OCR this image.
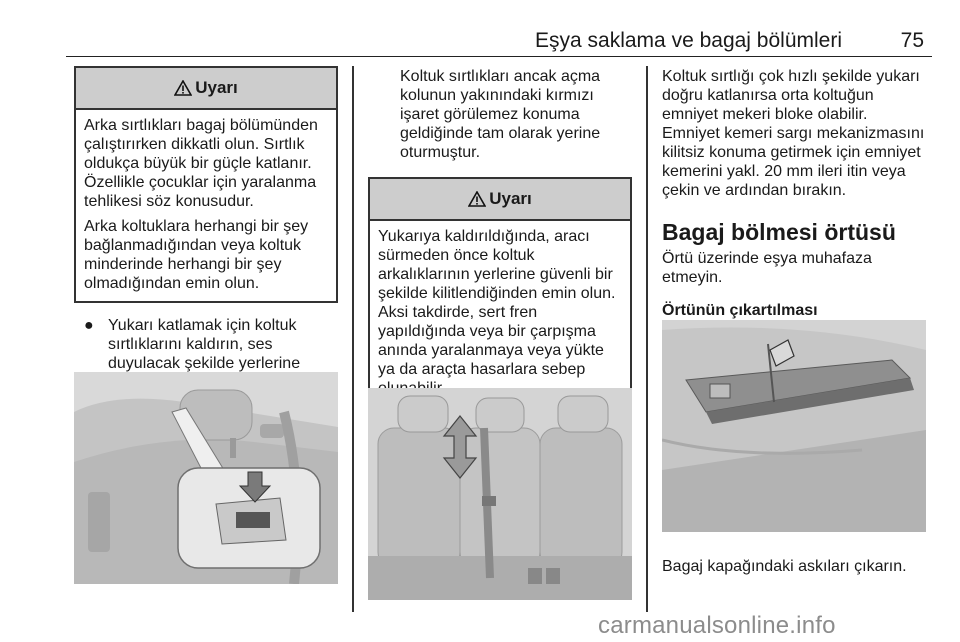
Eşya saklama ve bagaj bölümleri	75
Uyarı

Arka sırtlıkları bagaj bölümünden çalıştırırken dikkatli olun. Sırtlık oldukça büyük bir güçle katlanır. Özellikle çocuklar için yaralanma tehlikesi söz konusudur.

Arka koltuklara herhangi bir şey bağlanmadığından veya koltuk minderinde herhangi bir şey olmadığından emin olun.

● Yukarı katlamak için koltuk sırtlıklarını kaldırın, ses duyulacak şekilde yerlerine

Koltuk sırtlıkları ancak açma kolunun yakınındaki kırmızı işaret görülemez konuma geldiğinde tam olarak yerine oturmuştur.

Uyarı

Yukarıya kaldırıldığında, aracı sürmeden önce koltuk arkalıklarının yerlerine güvenli bir şekilde kilitlendiğinden emin olun. Aksi takdirde, sert fren yapıldığında veya bir çarpışma anında yaralanmaya veya yükte ya da araçta hasarlara sebep

Koltuk sırtlığı çok hızlı şekilde yukarı doğru katlanırsa orta koltuğun emniyet mekeri bloke olabilir. Emniyet kemeri sargı mekanizmasını kilitsiz konuma getirmek için emniyet kemerini yakl. 20 mm ileri itin veya çekin ve ardından bırakın.

Bagaj bölmesi örtüsü

Örtü üzerinde eşya muhafaza etmeyin.

Örtünün çıkartılması

Bagaj kapağındaki askıları çıkarın.

carmanualsonline.info
